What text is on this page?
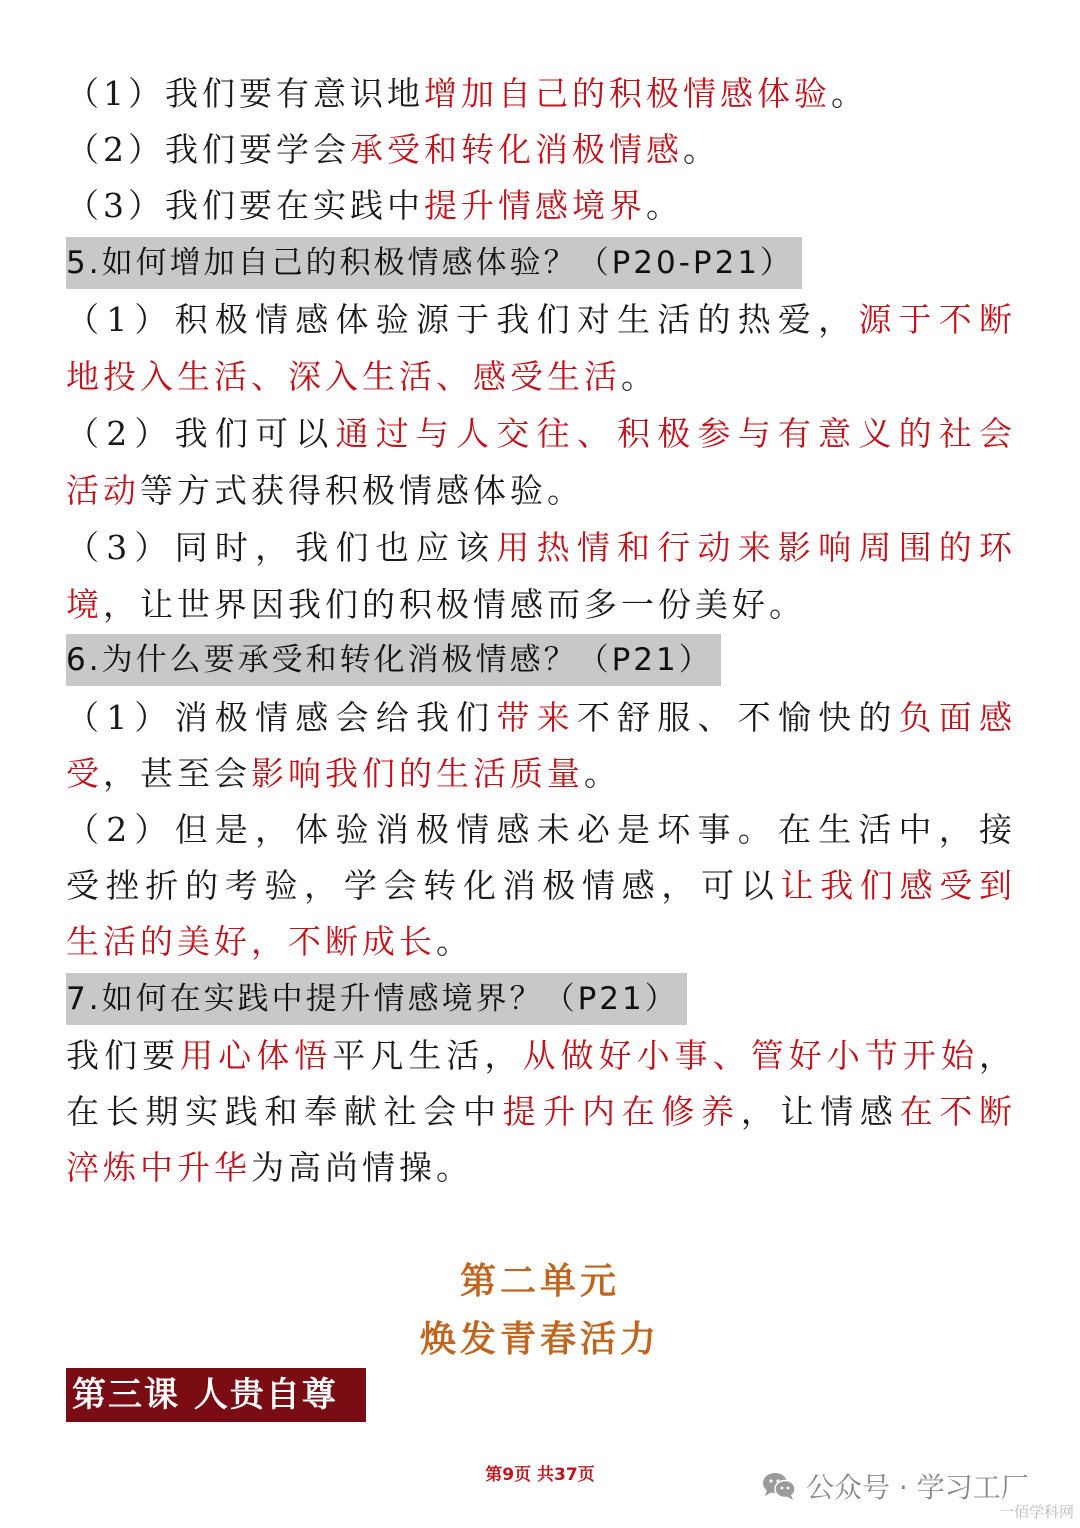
（1）我们要有意识地增加自己的积极情感体验。
（2）我们要学会承受和转化消极情感。
（3）我们要在实践中提升情感境界。
5.如何增加自己的积极情感体验？（P20-P21）
（1）积极情感体验源于我们对生活的热爱，源于不断
地投入生活、深入生活、感受生活。
（2）我们可以通过与人交往、积极参与有意义的社会
活动等方式获得积极情感体验。
（3）同时，我们也应该用热情和行动来影响周围的环
境，让世界因我们的积极情感而多一份美好。
6.为什么要承受和转化消极情感？（P21）
（1）消极情感会给我们带来不舒服、不愉快的负面感
受，甚至会影响我们的生活质量。
（2）但是，体验消极情感未必是坏事。在生活中，接
受挫折的考验，学会转化消极情感，可以让我们感受到
生活的美好，不断成长。
7.如何在实践中提升情感境界？（P21）
我们要用心体悟平凡生活，从做好小事、管好小节开始，
在长期实践和奉献社会中提升内在修养，让情感在不断
淬炼中升华为高尚情操。
第二单元
焕发青春活力
第三课 人贵自尊
第9页 共37页	公众号 · 学习工厂
一佰学科网
